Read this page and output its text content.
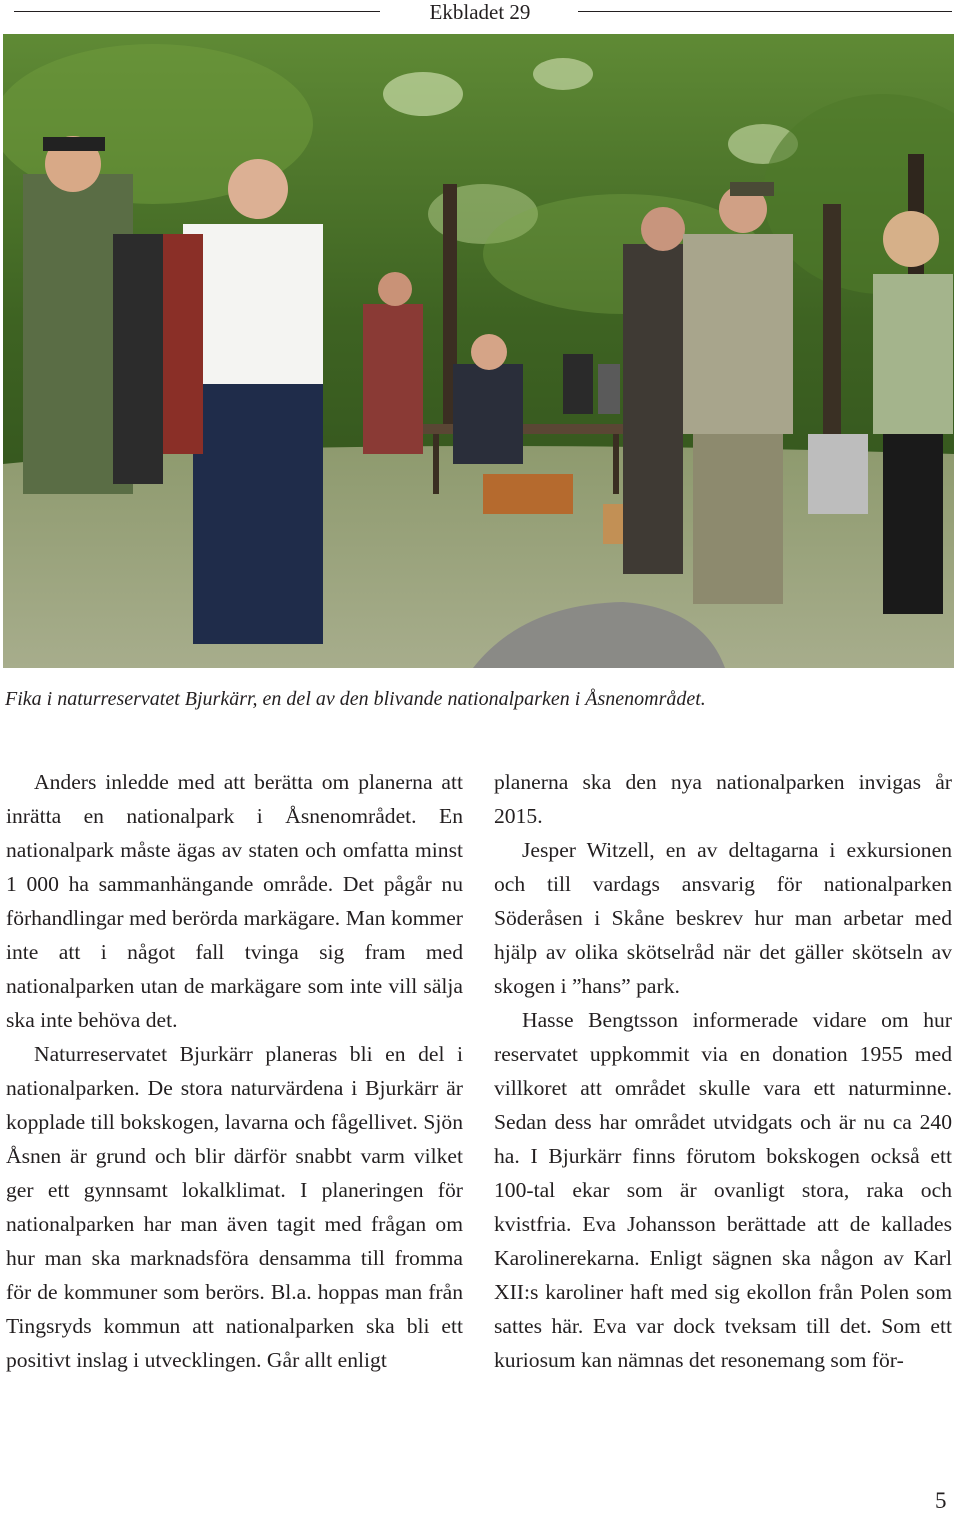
Ekbladet 29
Fika i naturreservatet Bjurkärr, en del av den blivande nationalparken i Åsnenområdet.

Anders inledde med att berätta om planerna att inrätta en nationalpark i Åsnenområdet. En nationalpark måste ägas av staten och omfatta minst 1 000 ha sammanhängande område. Det pågår nu förhandlingar med berörda markägare. Man kommer inte att i något fall tvinga sig fram med nationalparken utan de markägare som inte vill sälja ska inte behöva det.

Naturreservatet Bjurkärr planeras bli en del i nationalparken. De stora naturvärdena i Bjurkärr är kopplade till bokskogen, lavarna och fågellivet. Sjön Åsnen är grund och blir därför snabbt varm vilket ger ett gynnsamt lokalklimat. I planeringen för nationalparken har man även tagit med frågan om hur man ska marknadsföra densamma till fromma för de kommuner som berörs. Bl.a. hoppas man från Tingsryds kommun att nationalparken ska bli ett positivt inslag i utvecklingen. Går allt enligt

planerna ska den nya nationalparken invigas år 2015.

Jesper Witzell, en av deltagarna i exkursionen och till vardags ansvarig för nationalparken Söderåsen i Skåne beskrev hur man arbetar med hjälp av olika skötselråd när det gäller skötseln av skogen i ”hans” park.

Hasse Bengtsson informerade vidare om hur reservatet uppkommit via en donation 1955 med villkoret att området skulle vara ett naturminne. Sedan dess har området utvidgats och är nu ca 240 ha. I Bjurkärr finns förutom bokskogen också ett 100-tal ekar som är ovanligt stora, raka och kvistfria. Eva Johansson berättade att de kallades Karolinerekarna. Enligt sägnen ska någon av Karl XII:s karoliner haft med sig ekollon från Polen som sattes här. Eva var dock tveksam till det. Som ett kuriosum kan nämnas det resonemang som för-

5
